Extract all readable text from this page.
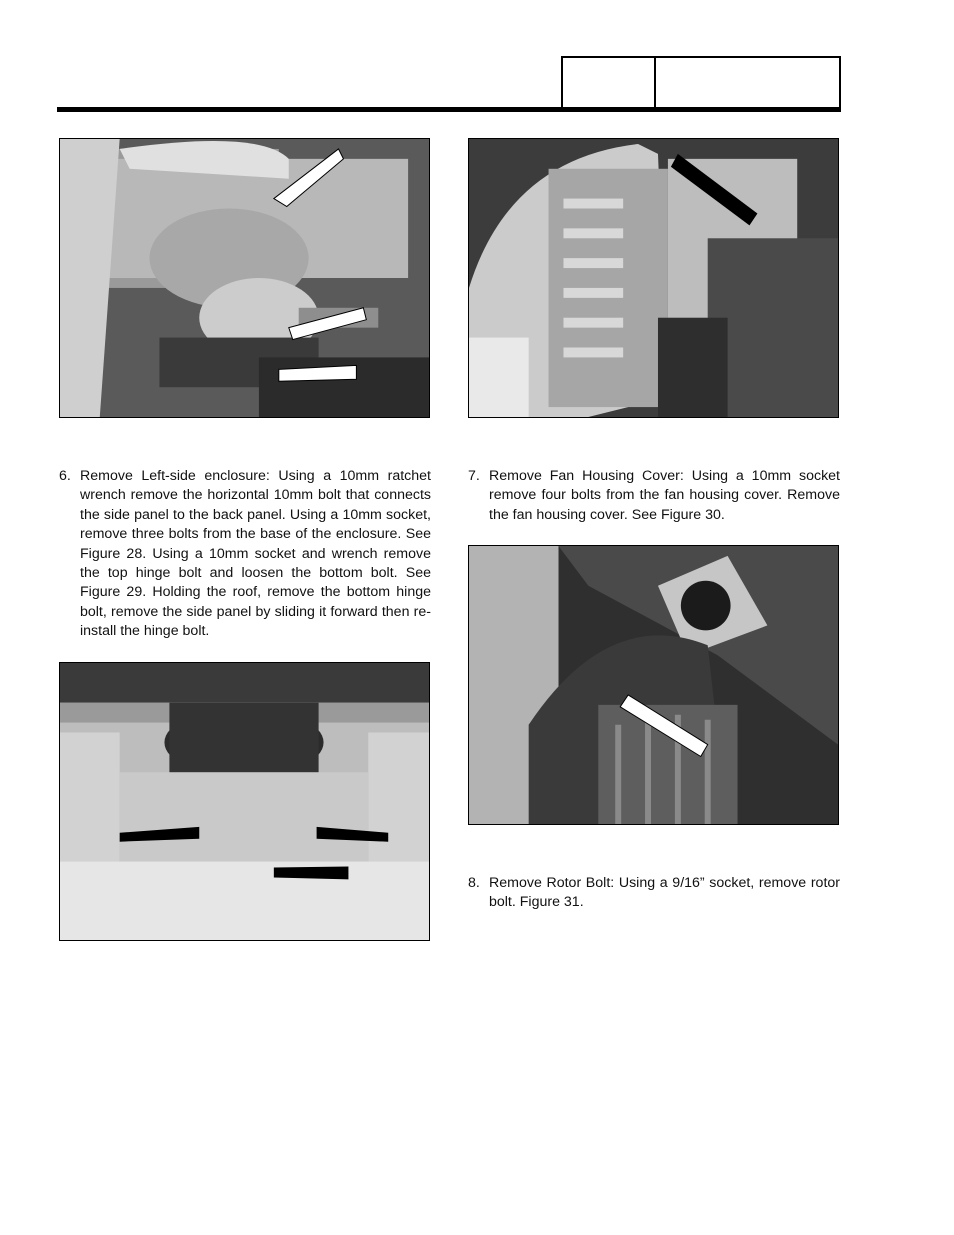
6. Remove Left-side enclosure: Using a 10mm ratchet wrench remove the horizontal 10mm bolt that connects the side panel to the back panel. Using a 10mm socket, remove three bolts from the base of the enclosure. See Figure 28. Using a 10mm socket and wrench remove the top hinge bolt and loosen the bottom bolt. See Figure 29. Holding the roof, remove the bottom hinge bolt, remove the side panel by sliding it forward then re-install the hinge bolt.
7. Remove Fan Housing Cover: Using a 10mm socket remove four bolts from the fan housing cover. Remove the fan housing cover. See Figure 30.
8. Remove Rotor Bolt: Using a 9/16” socket, remove rotor bolt. Figure 31.
